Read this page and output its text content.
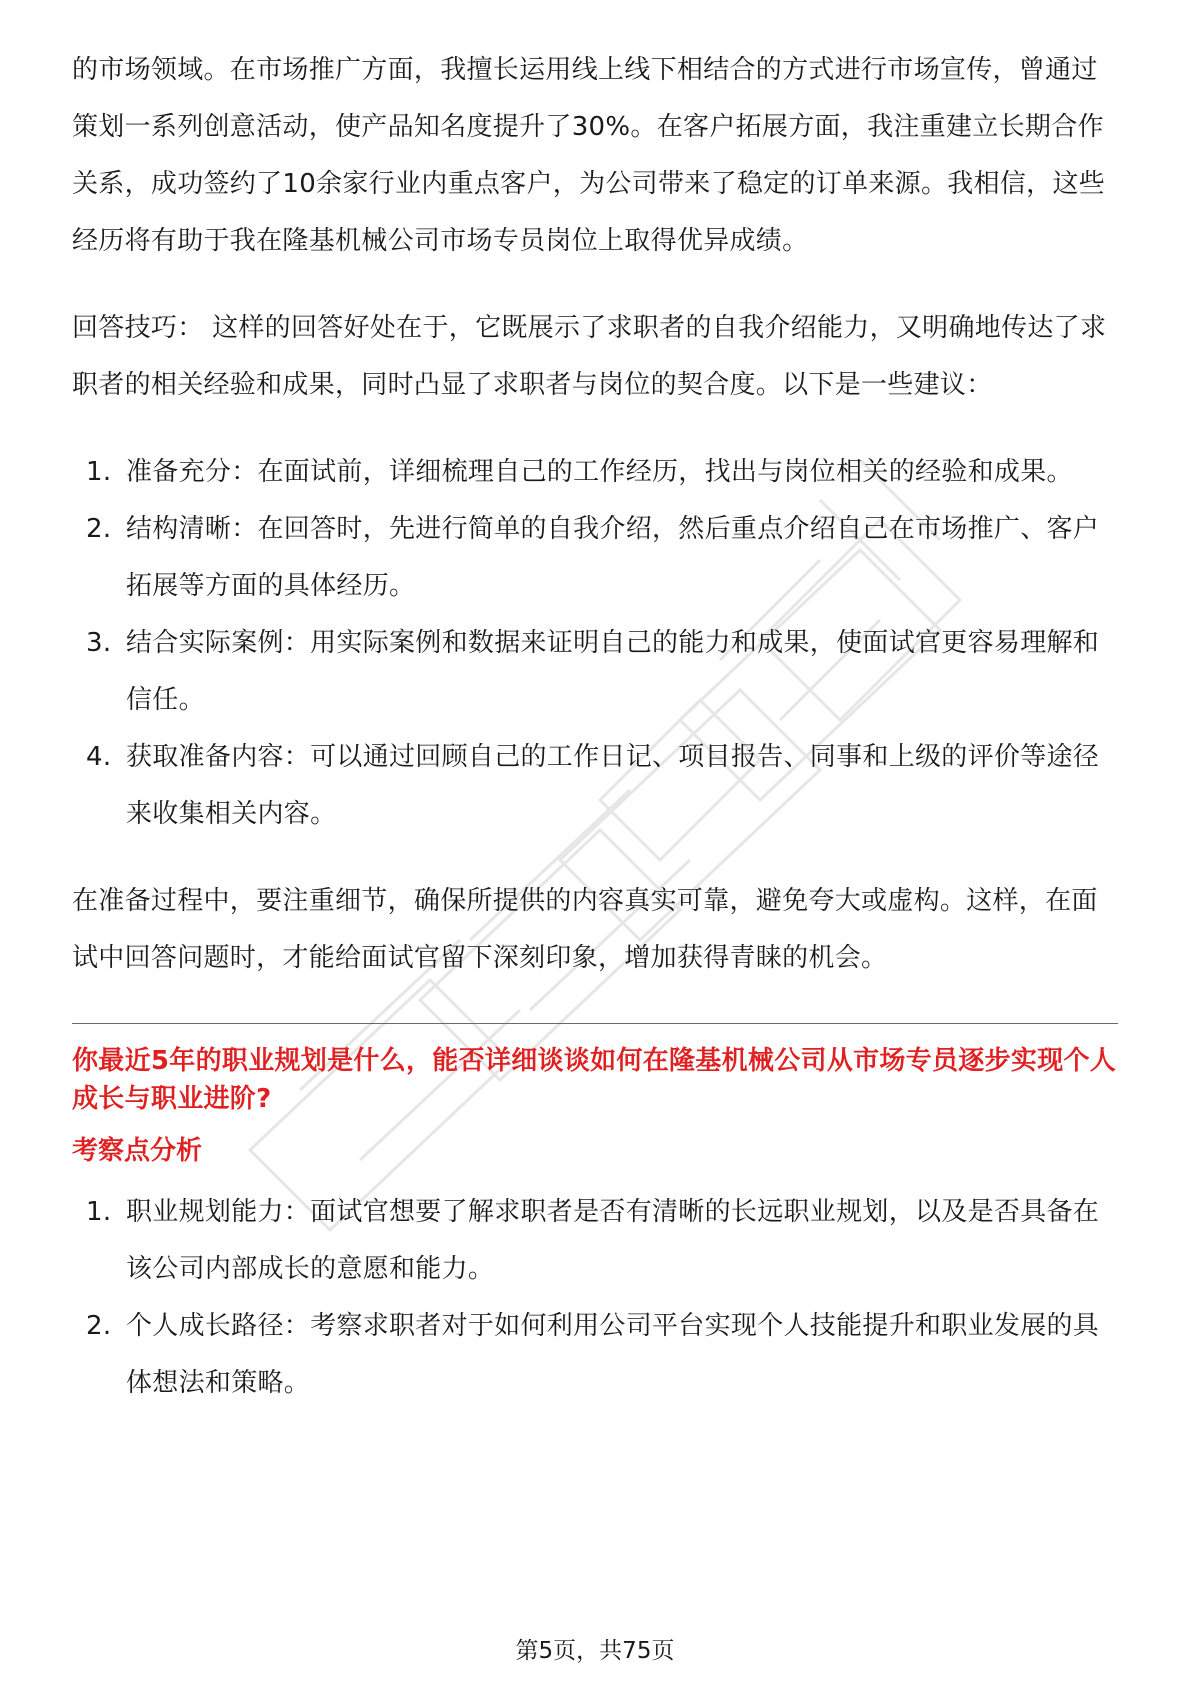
的市场领域。在市场推广方面，我擅长运用线上线下相结合的方式进行市场宣传，曾通过策划一系列创意活动，使产品知名度提升了30%。在客户拓展方面，我注重建立长期合作关系，成功签约了10余家行业内重点客户，为公司带来了稳定的订单来源。我相信，这些经历将有助于我在隆基机械公司市场专员岗位上取得优异成绩。

回答技巧： 这样的回答好处在于，它既展示了求职者的自我介绍能力，又明确地传达了求职者的相关经验和成果，同时凸显了求职者与岗位的契合度。以下是一些建议：

1. 准备充分：在面试前，详细梳理自己的工作经历，找出与岗位相关的经验和成果。
2. 结构清晰：在回答时，先进行简单的自我介绍，然后重点介绍自己在市场推广、客户拓展等方面的具体经历。
3. 结合实际案例：用实际案例和数据来证明自己的能力和成果，使面试官更容易理解和信任。
4. 获取准备内容：可以通过回顾自己的工作日记、项目报告、同事和上级的评价等途径来收集相关内容。

在准备过程中，要注重细节，确保所提供的内容真实可靠，避免夸大或虚构。这样，在面试中回答问题时，才能给面试官留下深刻印象，增加获得青睐的机会。

你最近5年的职业规划是什么，能否详细谈谈如何在隆基机械公司从市场专员逐步实现个人成长与职业进阶?

考察点分析

1. 职业规划能力：面试官想要了解求职者是否有清晰的长远职业规划，以及是否具备在该公司内部成长的意愿和能力。
2. 个人成长路径：考察求职者对于如何利用公司平台实现个人技能提升和职业发展的具体想法和策略。
第5页，共75页
